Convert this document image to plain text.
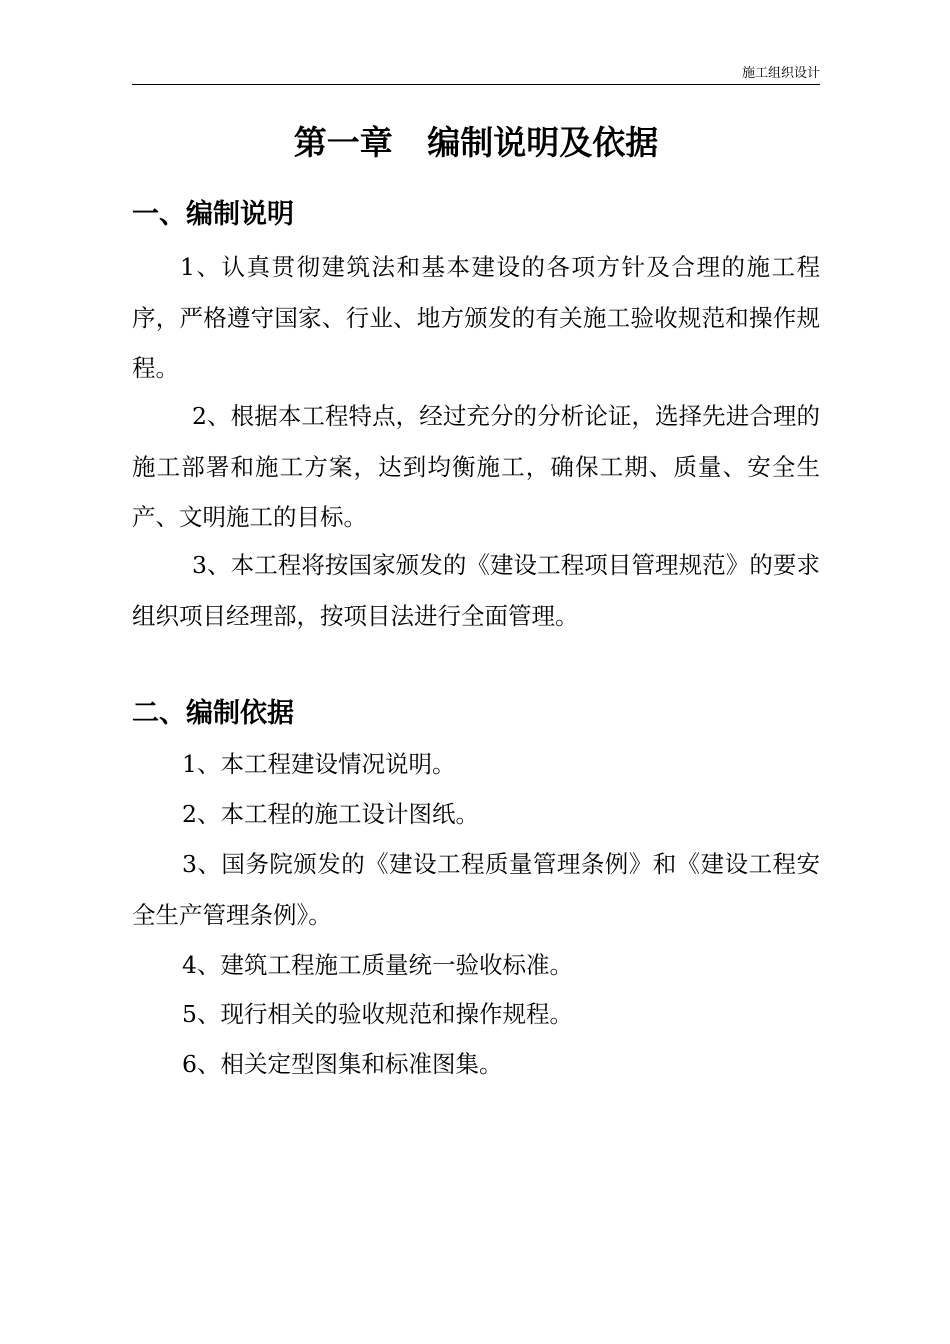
施工组织设计
第一章   编制说明及依据
一、编制说明

1、认真贯彻建筑法和基本建设的各项方针及合理的施工程序，严格遵守国家、行业、地方颁发的有关施工验收规范和操作规程。

2、根据本工程特点，经过充分的分析论证，选择先进合理的施工部署和施工方案，达到均衡施工，确保工期、质量、安全生产、文明施工的目标。

3、本工程将按国家颁发的《建设工程项目管理规范》的要求组织项目经理部，按项目法进行全面管理。

二、编制依据

1、本工程建设情况说明。

2、本工程的施工设计图纸。

3、国务院颁发的《建设工程质量管理条例》和《建设工程安全生产管理条例》。

4、建筑工程施工质量统一验收标准。

5、现行相关的验收规范和操作规程。

6、相关定型图集和标准图集。
